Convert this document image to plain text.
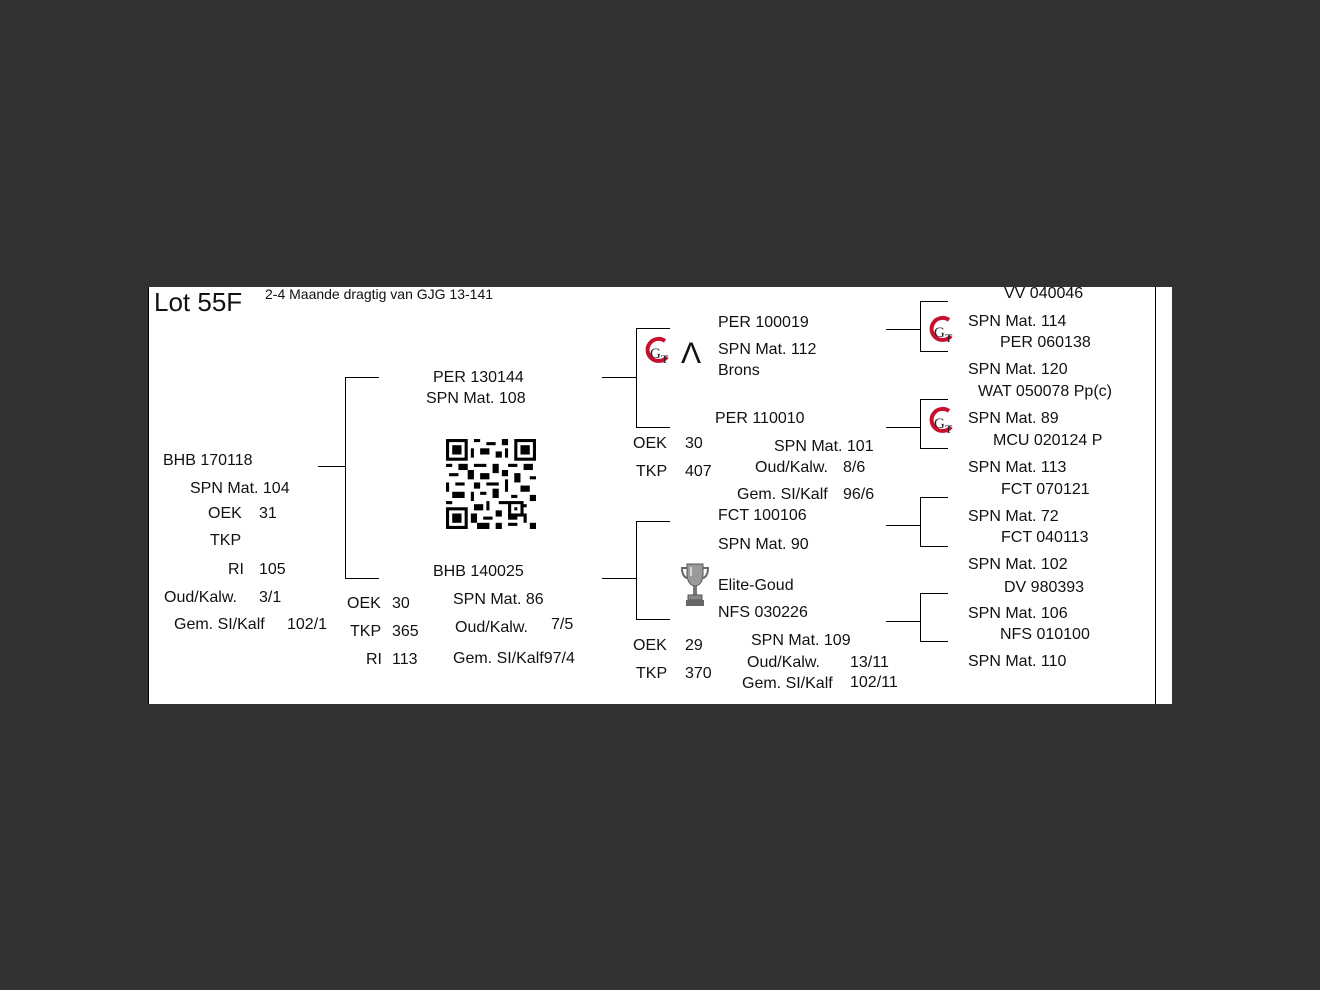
Lot 55F 2-4 Maande dragtig van GJG 13-141
BHB 170118
SPN Mat. 104
OEK 31
TKP
RI 105
Oud/Kalw. 3/1
Gem. SI/Kalf 102/1
PER 130144
SPN Mat. 108
BHB 140025
SPN Mat. 86
OEK 30
TKP 365 Oud/Kalw. 7/5
RI 113 Gem. SI/Kalf97/4
G T Λ
PER 100019
SPN Mat. 112
Brons
PER 110010
OEK 30	SPN Mat. 101
TKP 407	Oud/Kalw. 8/6
Gem. SI/Kalf 96/6
FCT 100106
SPN Mat. 90
Elite-Goud
NFS 030226
OEK 29	SPN Mat. 109
TKP 370
Oud/Kalw. 13/11
Gem. SI/Kalf 102/11
G T
G T
VV 040046
SPN Mat. 114
PER 060138
SPN Mat. 120
WAT 050078 Pp(c)
SPN Mat. 89
MCU 020124 P
SPN Mat. 113
FCT 070121
SPN Mat. 72
FCT 040113
SPN Mat. 102
DV 980393
SPN Mat. 106
NFS 010100
SPN Mat. 110
